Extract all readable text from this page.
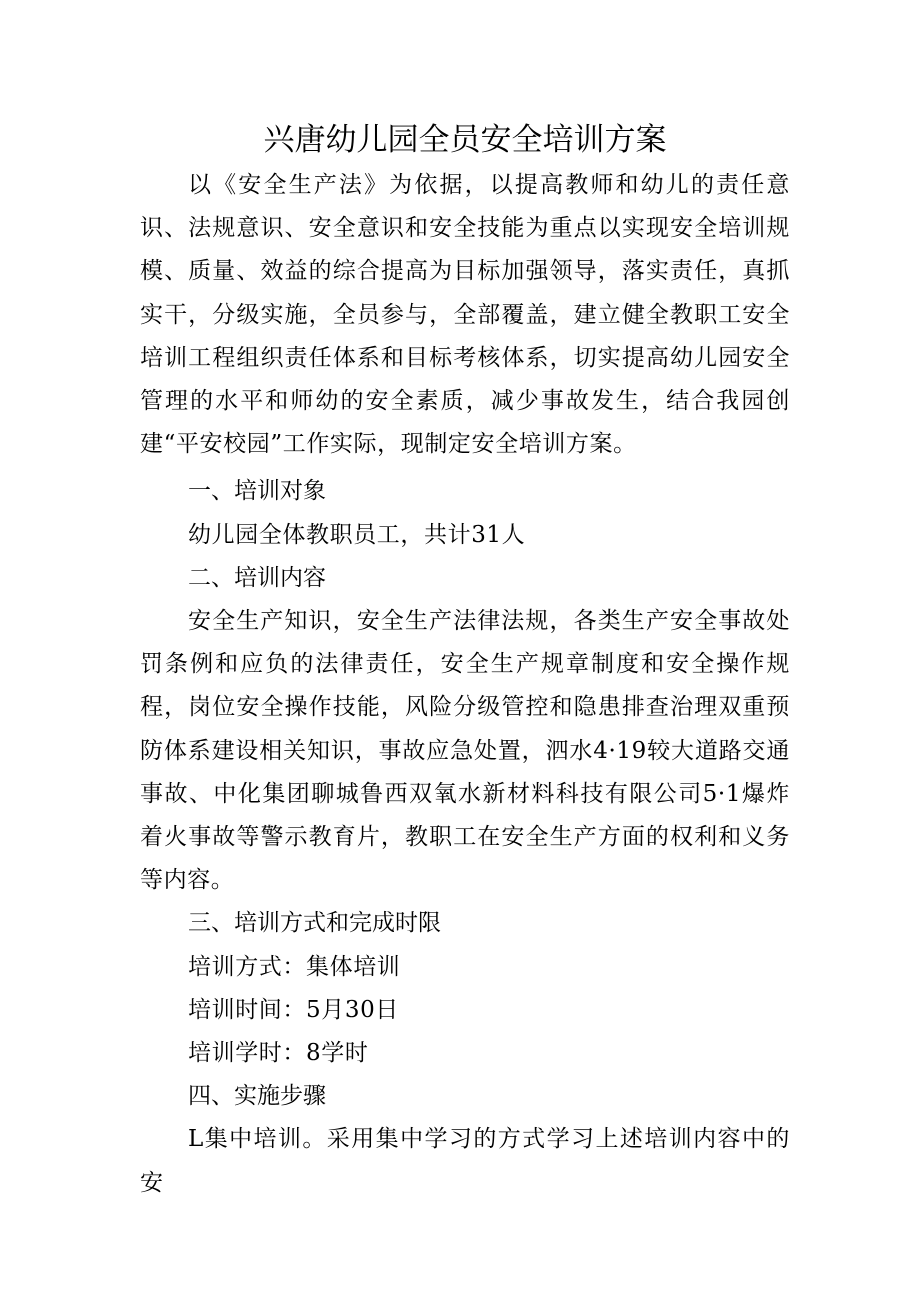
兴唐幼儿园全员安全培训方案

以《安全生产法》为依据，以提高教师和幼儿的责任意识、法规意识、安全意识和安全技能为重点以实现安全培训规模、质量、效益的综合提高为目标加强领导，落实责任，真抓实干，分级实施，全员参与，全部覆盖，建立健全教职工安全培训工程组织责任体系和目标考核体系，切实提高幼儿园安全管理的水平和师幼的安全素质，减少事故发生，结合我园创建“平安校园”工作实际，现制定安全培训方案。

一、培训对象

幼儿园全体教职员工，共计31人

二、培训内容

安全生产知识，安全生产法律法规，各类生产安全事故处罚条例和应负的法律责任，安全生产规章制度和安全操作规程，岗位安全操作技能，风险分级管控和隐患排查治理双重预防体系建设相关知识，事故应急处置，泗水4·19较大道路交通事故、中化集团聊城鲁西双氧水新材料科技有限公司5·1爆炸着火事故等警示教育片，教职工在安全生产方面的权利和义务等内容。

三、培训方式和完成时限

培训方式：集体培训

培训时间：5月30日

培训学时：8学时

四、实施步骤

L集中培训。采用集中学习的方式学习上述培训内容中的安
